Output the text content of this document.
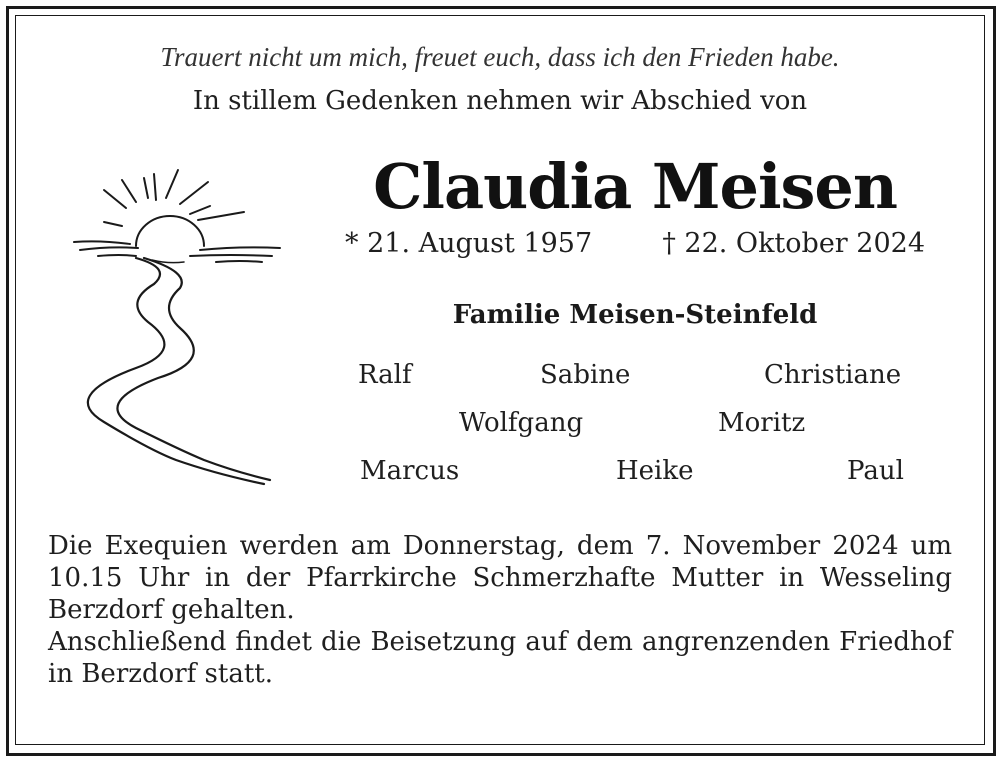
Trauert nicht um mich, freuet euch, dass ich den Frieden habe.
In stillem Gedenken nehmen wir Abschied von
Claudia Meisen
* 21. August 1957	† 22. Oktober 2024
Familie Meisen-Steinfeld
Ralf	Sabine	Christiane
Wolfgang	Moritz
Marcus	Heike	Paul

Die Exequien werden am Donnerstag, dem 7. November 2024 um 10.15 Uhr in der Pfarrkirche Schmerzhafte Mutter in Wesseling Berzdorf gehalten.

Anschließend findet die Beisetzung auf dem angrenzenden Friedhof in Berzdorf statt.
